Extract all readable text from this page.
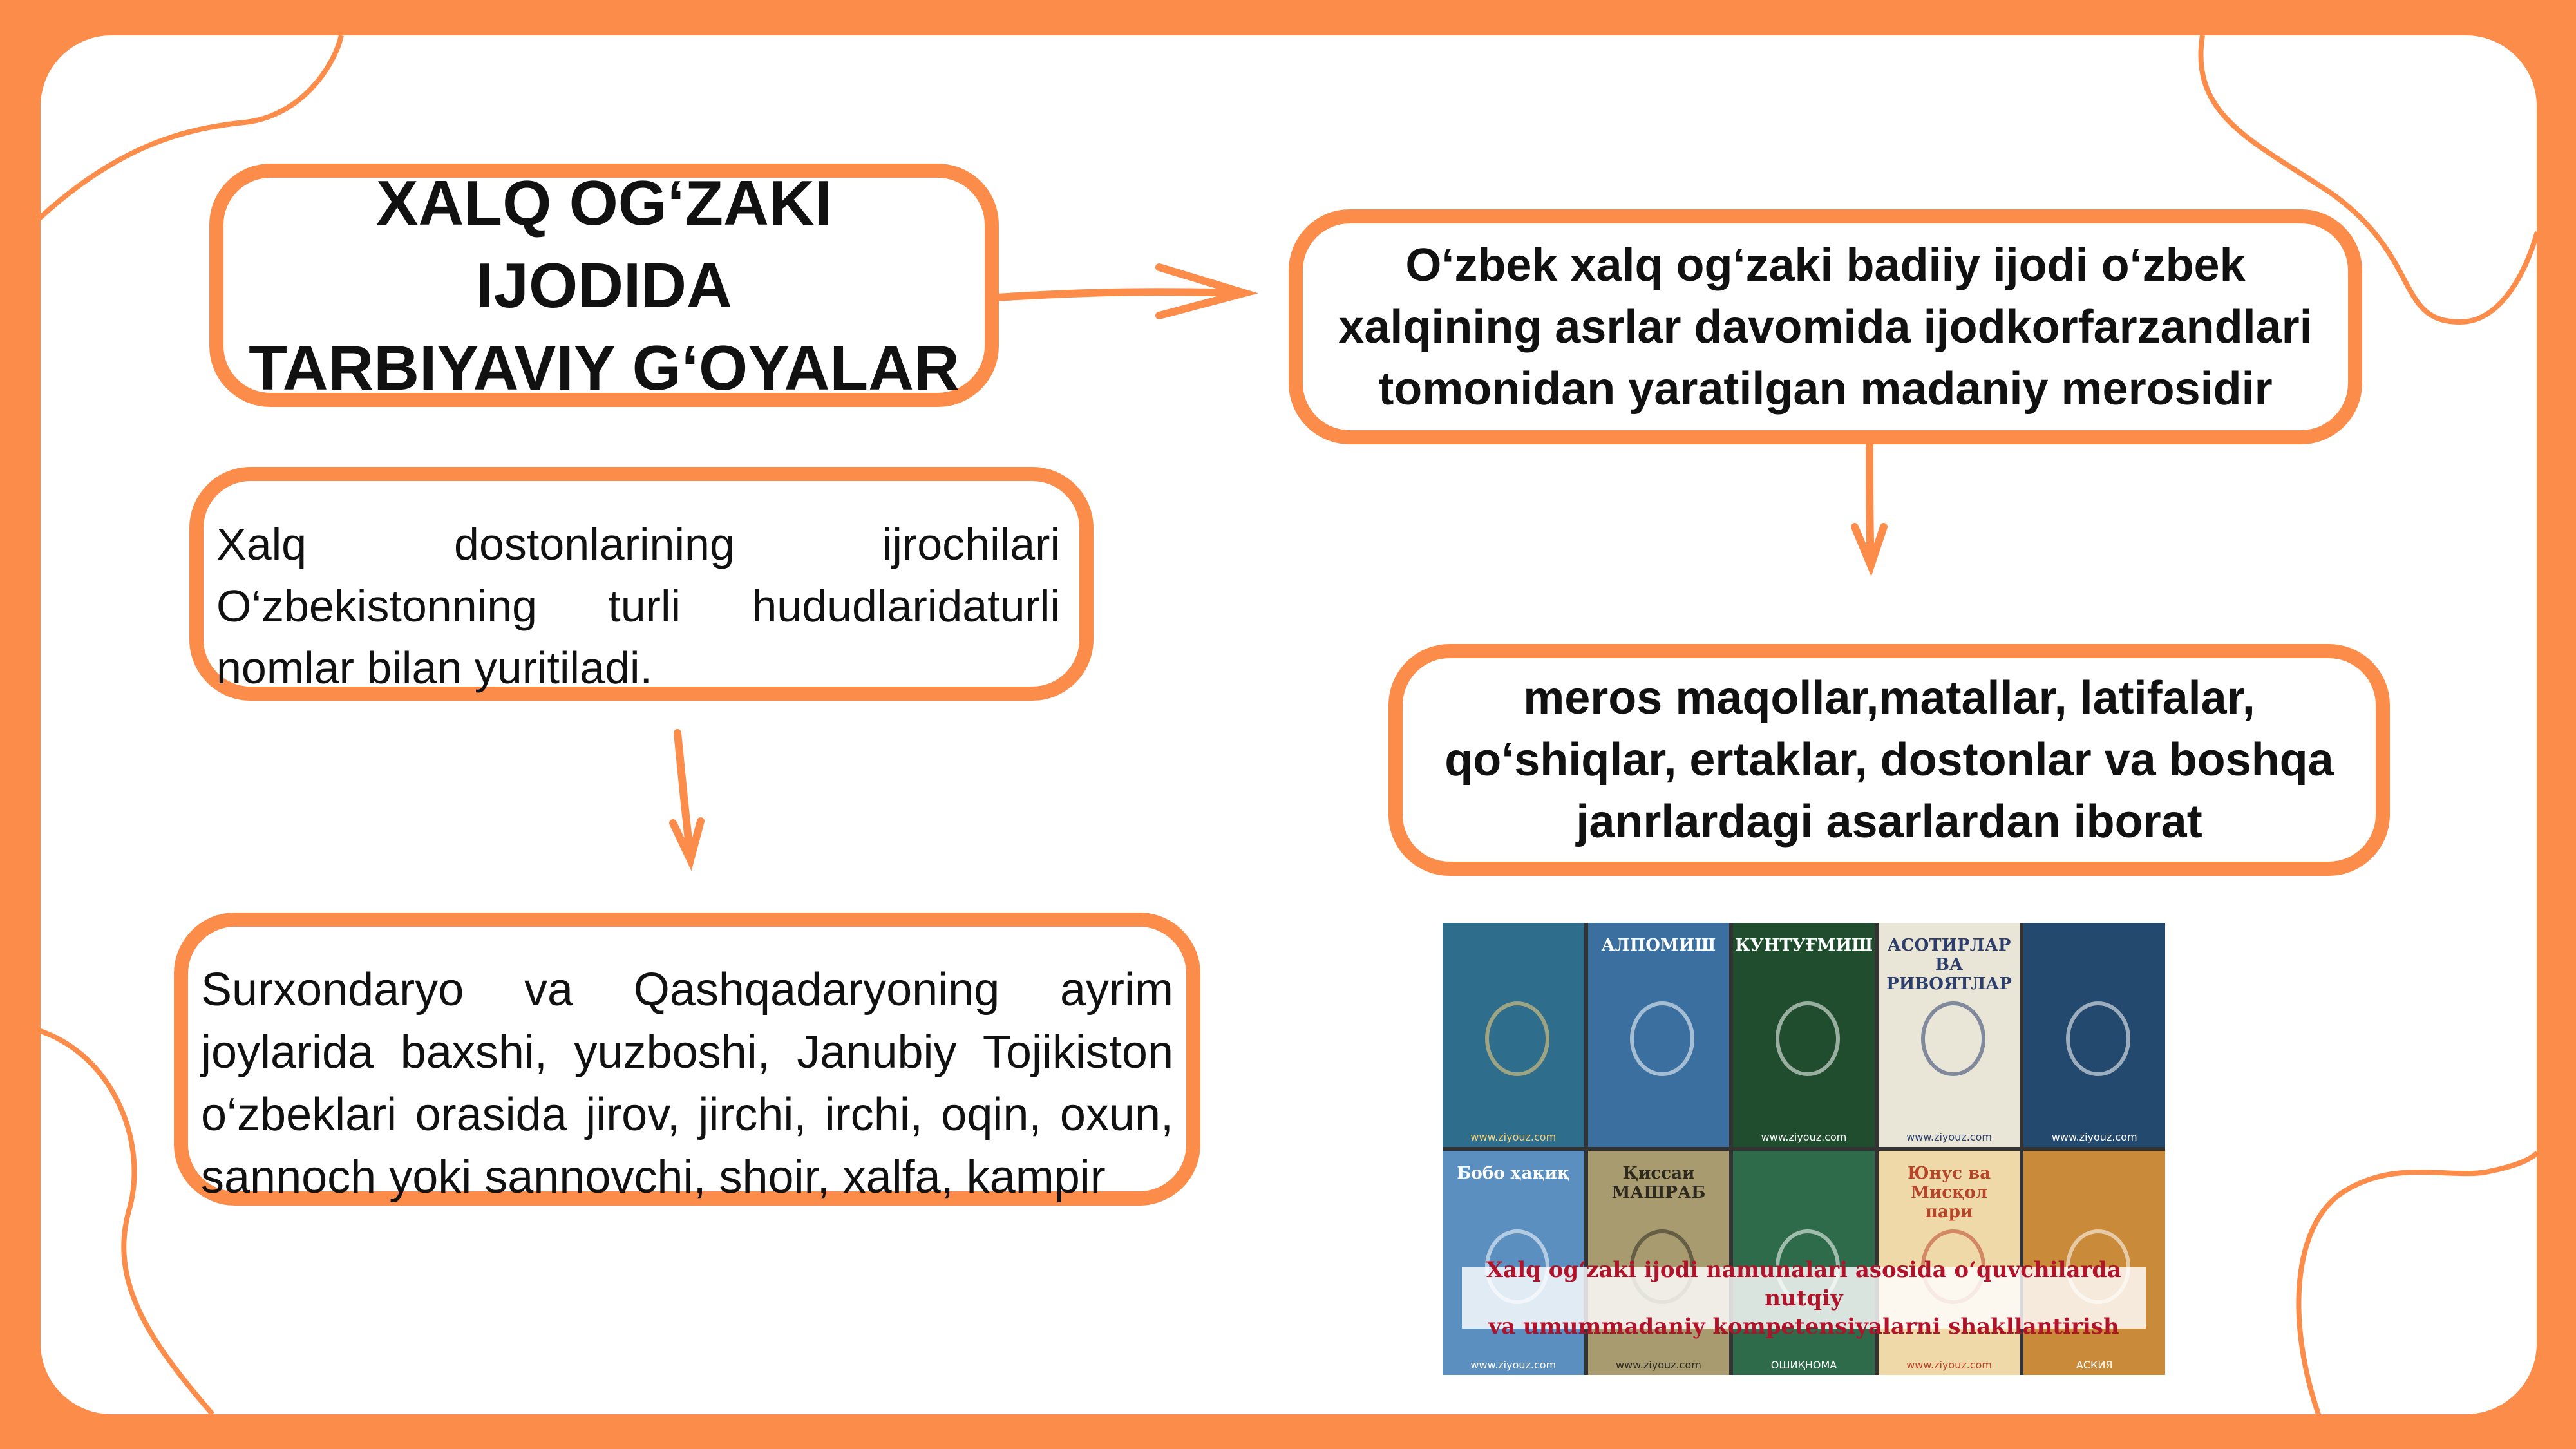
XALQ OG‘ZAKI IJODIDA
TARBIYAVIY G‘OYALAR
O‘zbek xalq og‘zaki badiiy ijodi o‘zbek xalqining asrlar davomida ijodkorfarzandlari tomonidan yaratilgan madaniy merosidir
meros maqollar,matallar, latifalar, qo‘shiqlar, ertaklar, dostonlar va boshqa janrlardagi asarlardan iborat
Xalq dostonlarining ijrochilari O‘zbekistonning turli hududlaridaturli nomlar bilan yuritiladi.
Surxondaryo va Qashqadaryoning ayrim joylarida baxshi, yuzboshi, Janubiy Tojikiston o‘zbeklari orasida jirov, jirchi, irchi, oqin, oxun, sannoch yoki sannovchi, shoir, xalfa, kampir
www.ziyouz.com
АЛПОМИШ	КУНТУҒМИШ
www.ziyouz.com
АСОТИРЛАР ВА РИВОЯТЛАР
www.ziyouz.com	www.ziyouz.com
Бобо ҳақиқ
www.ziyouz.com
Қиссаи МАШРАБ
www.ziyouz.com	ОШИҚНОМА
Юнус ва Мисқол пари
www.ziyouz.com	АСКИЯ
Xalq og‘zaki ijodi namunalari asosida o‘quvchilarda nutqiy
va umummadaniy kompetensiyalarni shakllantirish
